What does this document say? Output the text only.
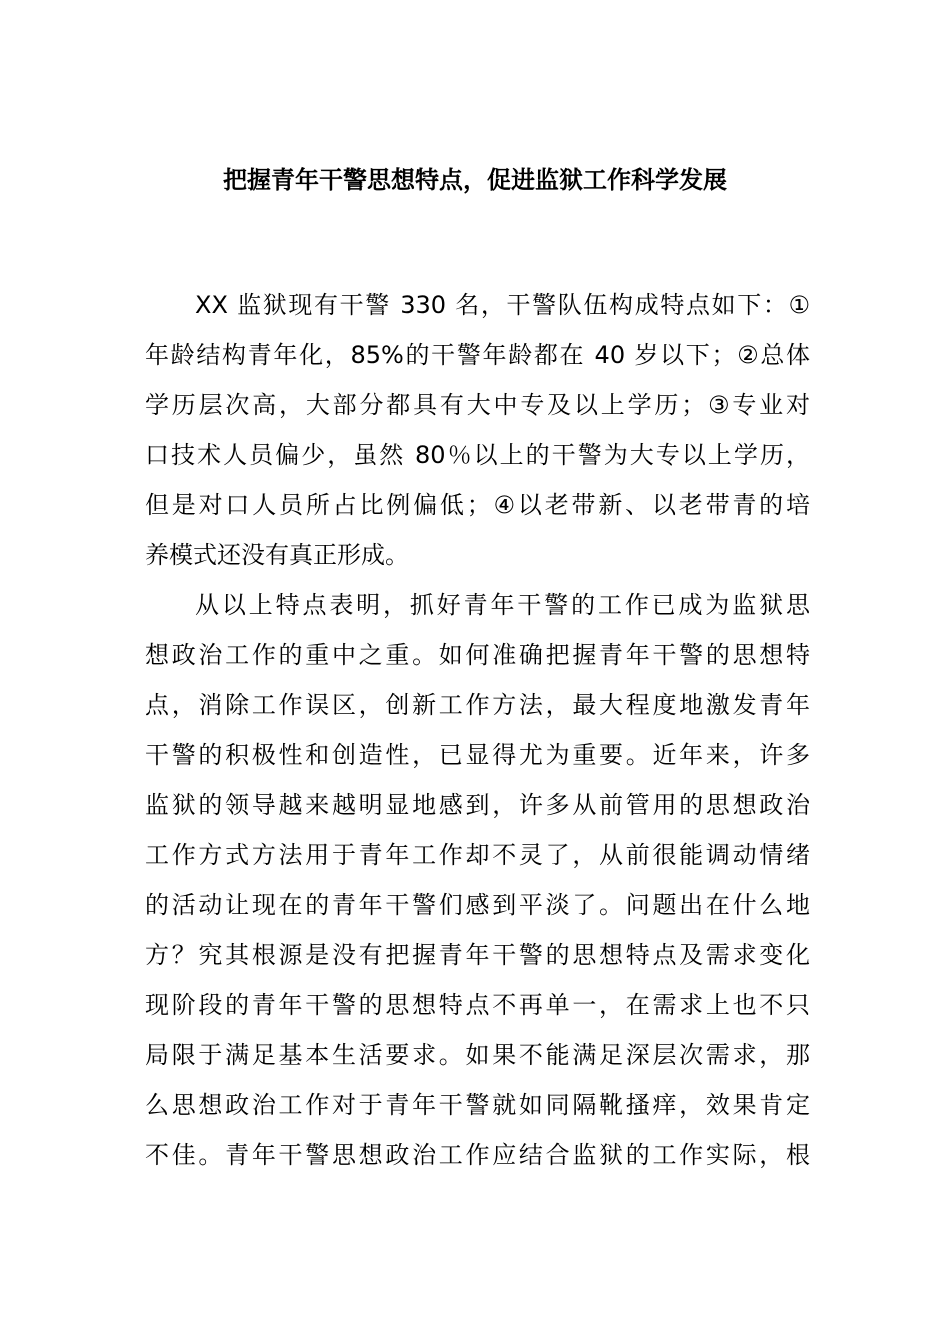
把握青年干警思想特点，促进监狱工作科学发展
XX 监狱现有干警 330 名，干警队伍构成特点如下：①
年龄结构青年化，85%的干警年龄都在 40 岁以下；②总体
学历层次高，大部分都具有大中专及以上学历；③专业对
口技术人员偏少，虽然 80％以上的干警为大专以上学历，
但是对口人员所占比例偏低；④以老带新、以老带青的培
养模式还没有真正形成。
从以上特点表明，抓好青年干警的工作已成为监狱思
想政治工作的重中之重。如何准确把握青年干警的思想特
点，消除工作误区，创新工作方法，最大程度地激发青年
干警的积极性和创造性，已显得尤为重要。近年来，许多
监狱的领导越来越明显地感到，许多从前管用的思想政治
工作方式方法用于青年工作却不灵了，从前很能调动情绪
的活动让现在的青年干警们感到平淡了。问题出在什么地
方？究其根源是没有把握青年干警的思想特点及需求变化
现阶段的青年干警的思想特点不再单一，在需求上也不只
局限于满足基本生活要求。如果不能满足深层次需求，那
么思想政治工作对于青年干警就如同隔靴搔痒，效果肯定
不佳。青年干警思想政治工作应结合监狱的工作实际，根
